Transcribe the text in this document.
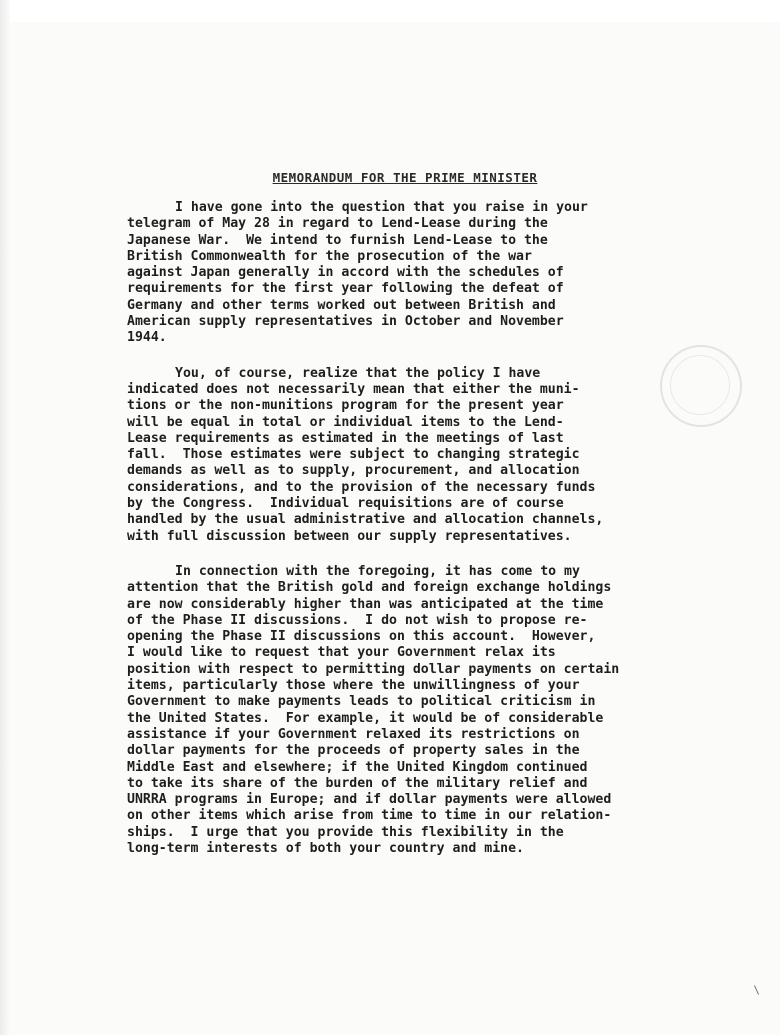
MEMORANDUM FOR THE PRIME MINISTER
I have gone into the question that you raise in your
telegram of May 28 in regard to Lend-Lease during the
Japanese War.  We intend to furnish Lend-Lease to the
British Commonwealth for the prosecution of the war
against Japan generally in accord with the schedules of
requirements for the first year following the defeat of
Germany and other terms worked out between British and
American supply representatives in October and November
1944.
You, of course, realize that the policy I have
indicated does not necessarily mean that either the muni-
tions or the non-munitions program for the present year
will be equal in total or individual items to the Lend-
Lease requirements as estimated in the meetings of last
fall.  Those estimates were subject to changing strategic
demands as well as to supply, procurement, and allocation
considerations, and to the provision of the necessary funds
by the Congress.  Individual requisitions are of course
handled by the usual administrative and allocation channels,
with full discussion between our supply representatives.
In connection with the foregoing, it has come to my
attention that the British gold and foreign exchange holdings
are now considerably higher than was anticipated at the time
of the Phase II discussions.  I do not wish to propose re-
opening the Phase II discussions on this account.  However,
I would like to request that your Government relax its
position with respect to permitting dollar payments on certain
items, particularly those where the unwillingness of your
Government to make payments leads to political criticism in
the United States.  For example, it would be of considerable
assistance if your Government relaxed its restrictions on
dollar payments for the proceeds of property sales in the
Middle East and elsewhere; if the United Kingdom continued
to take its share of the burden of the military relief and
UNRRA programs in Europe; and if dollar payments were allowed
on other items which arise from time to time in our relation-
ships.  I urge that you provide this flexibility in the
long-term interests of both your country and mine.
